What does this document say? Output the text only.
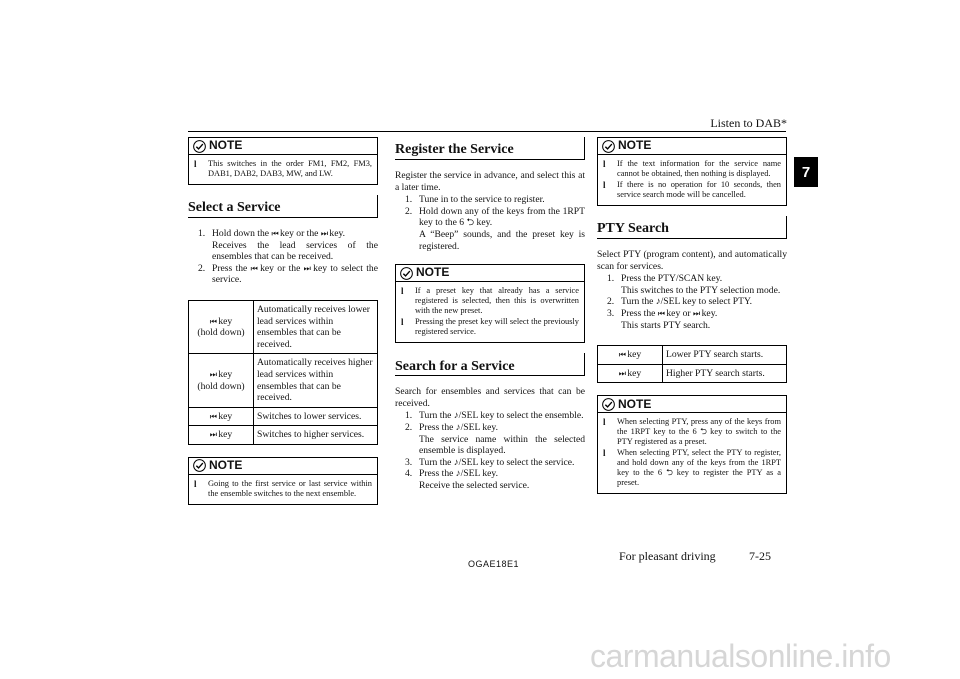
Listen to DAB*
7
NOTE
l	This switches in the order FM1, FM2, FM3, DAB1, DAB2, DAB3, MW, and LW.
Select a Service
1. Hold down the ⏮ key or the ⏭ key.
Receives the lead services of the ensembles that can be received.
2. Press the ⏮ key or the ⏭ key to select the service.
⏮ key
(hold down)	Automatically receives lower lead services within ensembles that can be received.
⏭ key
(hold down)	Automatically receives higher lead services within ensembles that can be received.
⏮ key	Switches to lower services.
⏭ key	Switches to higher services.
NOTE
l	Going to the first service or last service within the ensemble switches to the next ensemble.
Register the Service
Register the service in advance, and select this at a later time.
1. Tune in to the service to register.
2. Hold down any of the keys from the 1RPT key to the 6 ⮌ key.
A “Beep” sounds, and the preset key is registered.
NOTE
l	If a preset key that already has a service registered is selected, then this is overwritten with the new preset.
l	Pressing the preset key will select the previously registered service.
Search for a Service
Search for ensembles and services that can be received.
1. Turn the ♪/SEL key to select the ensemble.
2. Press the ♪/SEL key.
The service name within the selected ensemble is displayed.
3. Turn the ♪/SEL key to select the service.
4. Press the ♪/SEL key.
Receive the selected service.
NOTE
l	If the text information for the service name cannot be obtained, then nothing is displayed.
l	If there is no operation for 10 seconds, then service search mode will be cancelled.
PTY Search
Select PTY (program content), and automatically scan for services.
1. Press the PTY/SCAN key.
This switches to the PTY selection mode.
2. Turn the ♪/SEL key to select PTY.
3. Press the ⏮ key or ⏭ key.
This starts PTY search.
⏮ key	Lower PTY search starts.
⏭ key	Higher PTY search starts.
NOTE
l	When selecting PTY, press any of the keys from the 1RPT key to the 6 ⮌ key to switch to the PTY registered as a preset.
l	When selecting PTY, select the PTY to register, and hold down any of the keys from the 1RPT key to the 6 ⮌ key to register the PTY as a preset.
OGAE18E1
For pleasant driving	7-25
carmanualsonline.info
